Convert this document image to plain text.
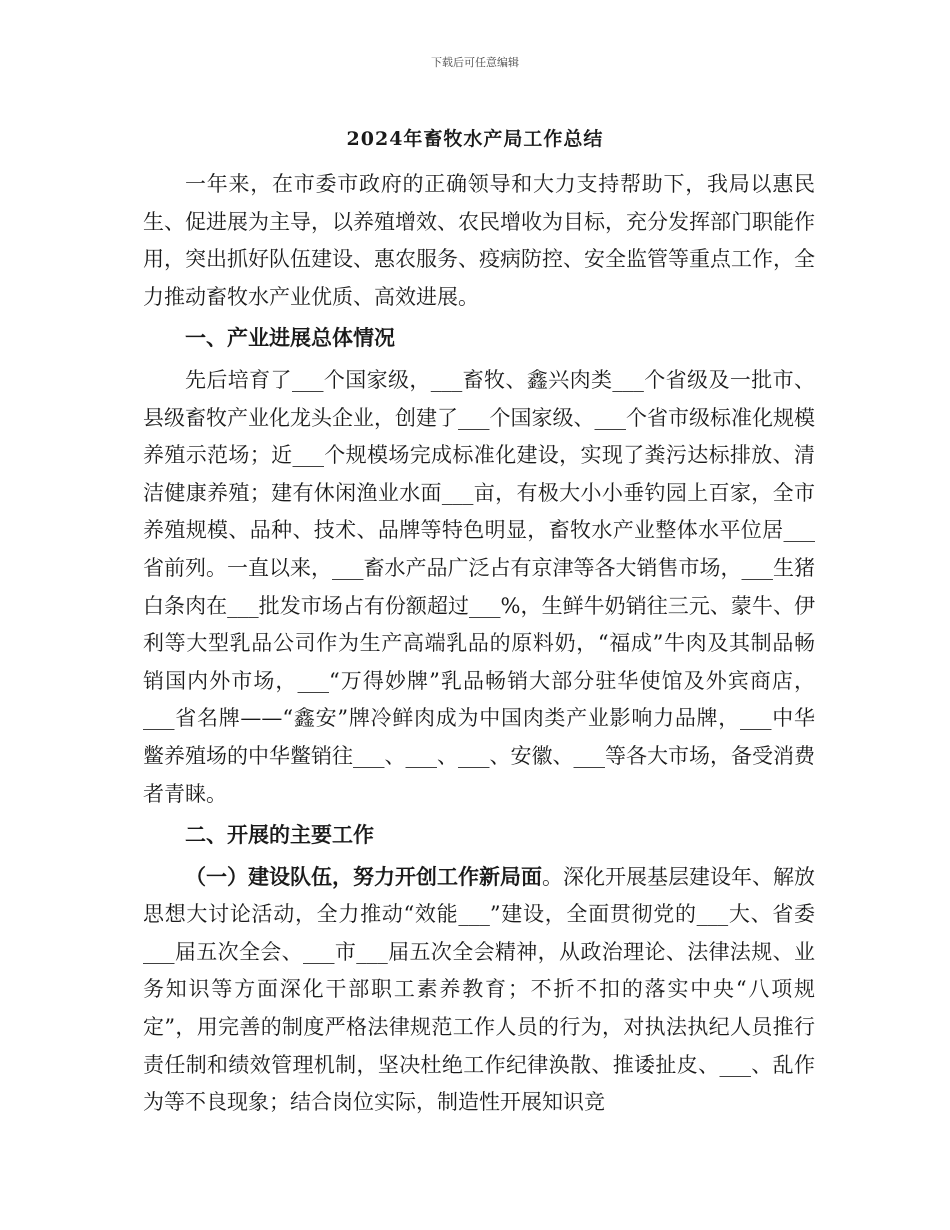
下载后可任意编辑
2024年畜牧水产局工作总结

一年来，在市委市政府的正确领导和大力支持帮助下，我局以惠民生、促进展为主导，以养殖增效、农民增收为目标，充分发挥部门职能作用，突出抓好队伍建设、惠农服务、疫病防控、安全监管等重点工作，全力推动畜牧水产业优质、高效进展。

一、产业进展总体情况

先后培育了___个国家级，___畜牧、鑫兴肉类___个省级及一批市、县级畜牧产业化龙头企业，创建了___个国家级、___个省市级标准化规模养殖示范场；近___个规模场完成标准化建设，实现了粪污达标排放、清洁健康养殖；建有休闲渔业水面___亩，有极大小小垂钓园上百家，全市养殖规模、品种、技术、品牌等特色明显，畜牧水产业整体水平位居___省前列。一直以来，___畜水产品广泛占有京津等各大销售市场，___生猪白条肉在___批发市场占有份额超过___%，生鲜牛奶销往三元、蒙牛、伊利等大型乳品公司作为生产高端乳品的原料奶，“福成”牛肉及其制品畅销国内外市场，___“万得妙牌”乳品畅销大部分驻华使馆及外宾商店，___省名牌——“鑫安”牌冷鲜肉成为中国肉类产业影响力品牌，___中华鳖养殖场的中华鳖销往___、___、___、安徽、___等各大市场，备受消费者青睐。

二、开展的主要工作

（一）建设队伍，努力开创工作新局面。深化开展基层建设年、解放思想大讨论活动，全力推动“效能___”建设，全面贯彻党的___大、省委___届五次全会、___市___届五次全会精神，从政治理论、法律法规、业务知识等方面深化干部职工素养教育；不折不扣的落实中央“八项规定”，用完善的制度严格法律规范工作人员的行为，对执法执纪人员推行责任制和绩效管理机制，坚决杜绝工作纪律涣散、推诿扯皮、___、乱作为等不良现象；结合岗位实际，制造性开展知识竞
